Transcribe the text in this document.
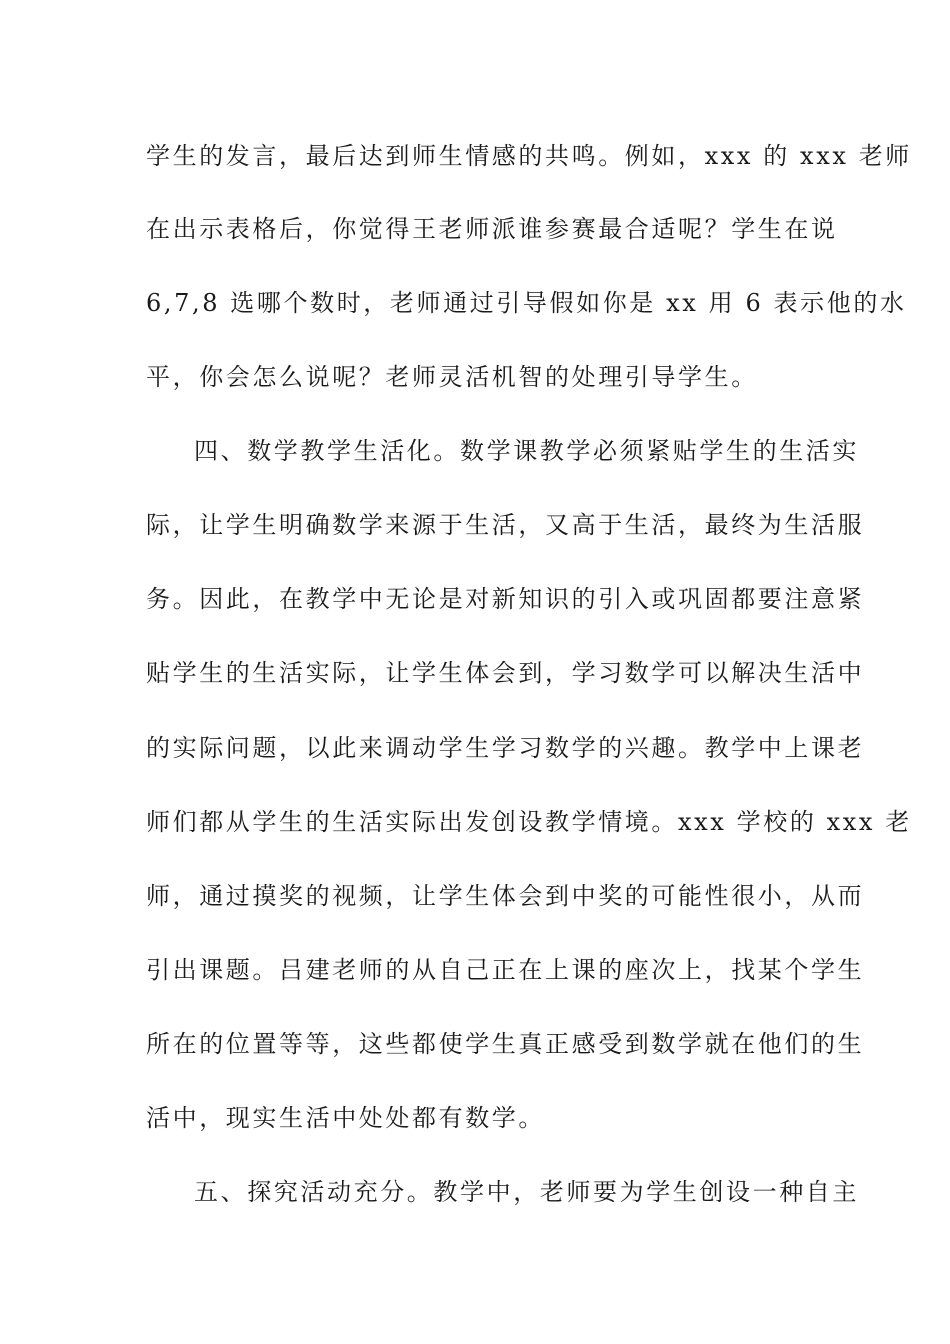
学生的发言，最后达到师生情感的共鸣。例如，xxx 的 xxx 老师
在出示表格后，你觉得王老师派谁参赛最合适呢？学生在说
6,7,8 选哪个数时，老师通过引导假如你是 xx 用 6 表示他的水
平，你会怎么说呢？老师灵活机智的处理引导学生。
四、数学教学生活化。数学课教学必须紧贴学生的生活实
际，让学生明确数学来源于生活，又高于生活，最终为生活服
务。因此，在教学中无论是对新知识的引入或巩固都要注意紧
贴学生的生活实际，让学生体会到，学习数学可以解决生活中
的实际问题，以此来调动学生学习数学的兴趣。教学中上课老
师们都从学生的生活实际出发创设教学情境。xxx 学校的 xxx 老
师，通过摸奖的视频，让学生体会到中奖的可能性很小，从而
引出课题。吕建老师的从自己正在上课的座次上，找某个学生
所在的位置等等，这些都使学生真正感受到数学就在他们的生
活中，现实生活中处处都有数学。
五、探究活动充分。教学中，老师要为学生创设一种自主
